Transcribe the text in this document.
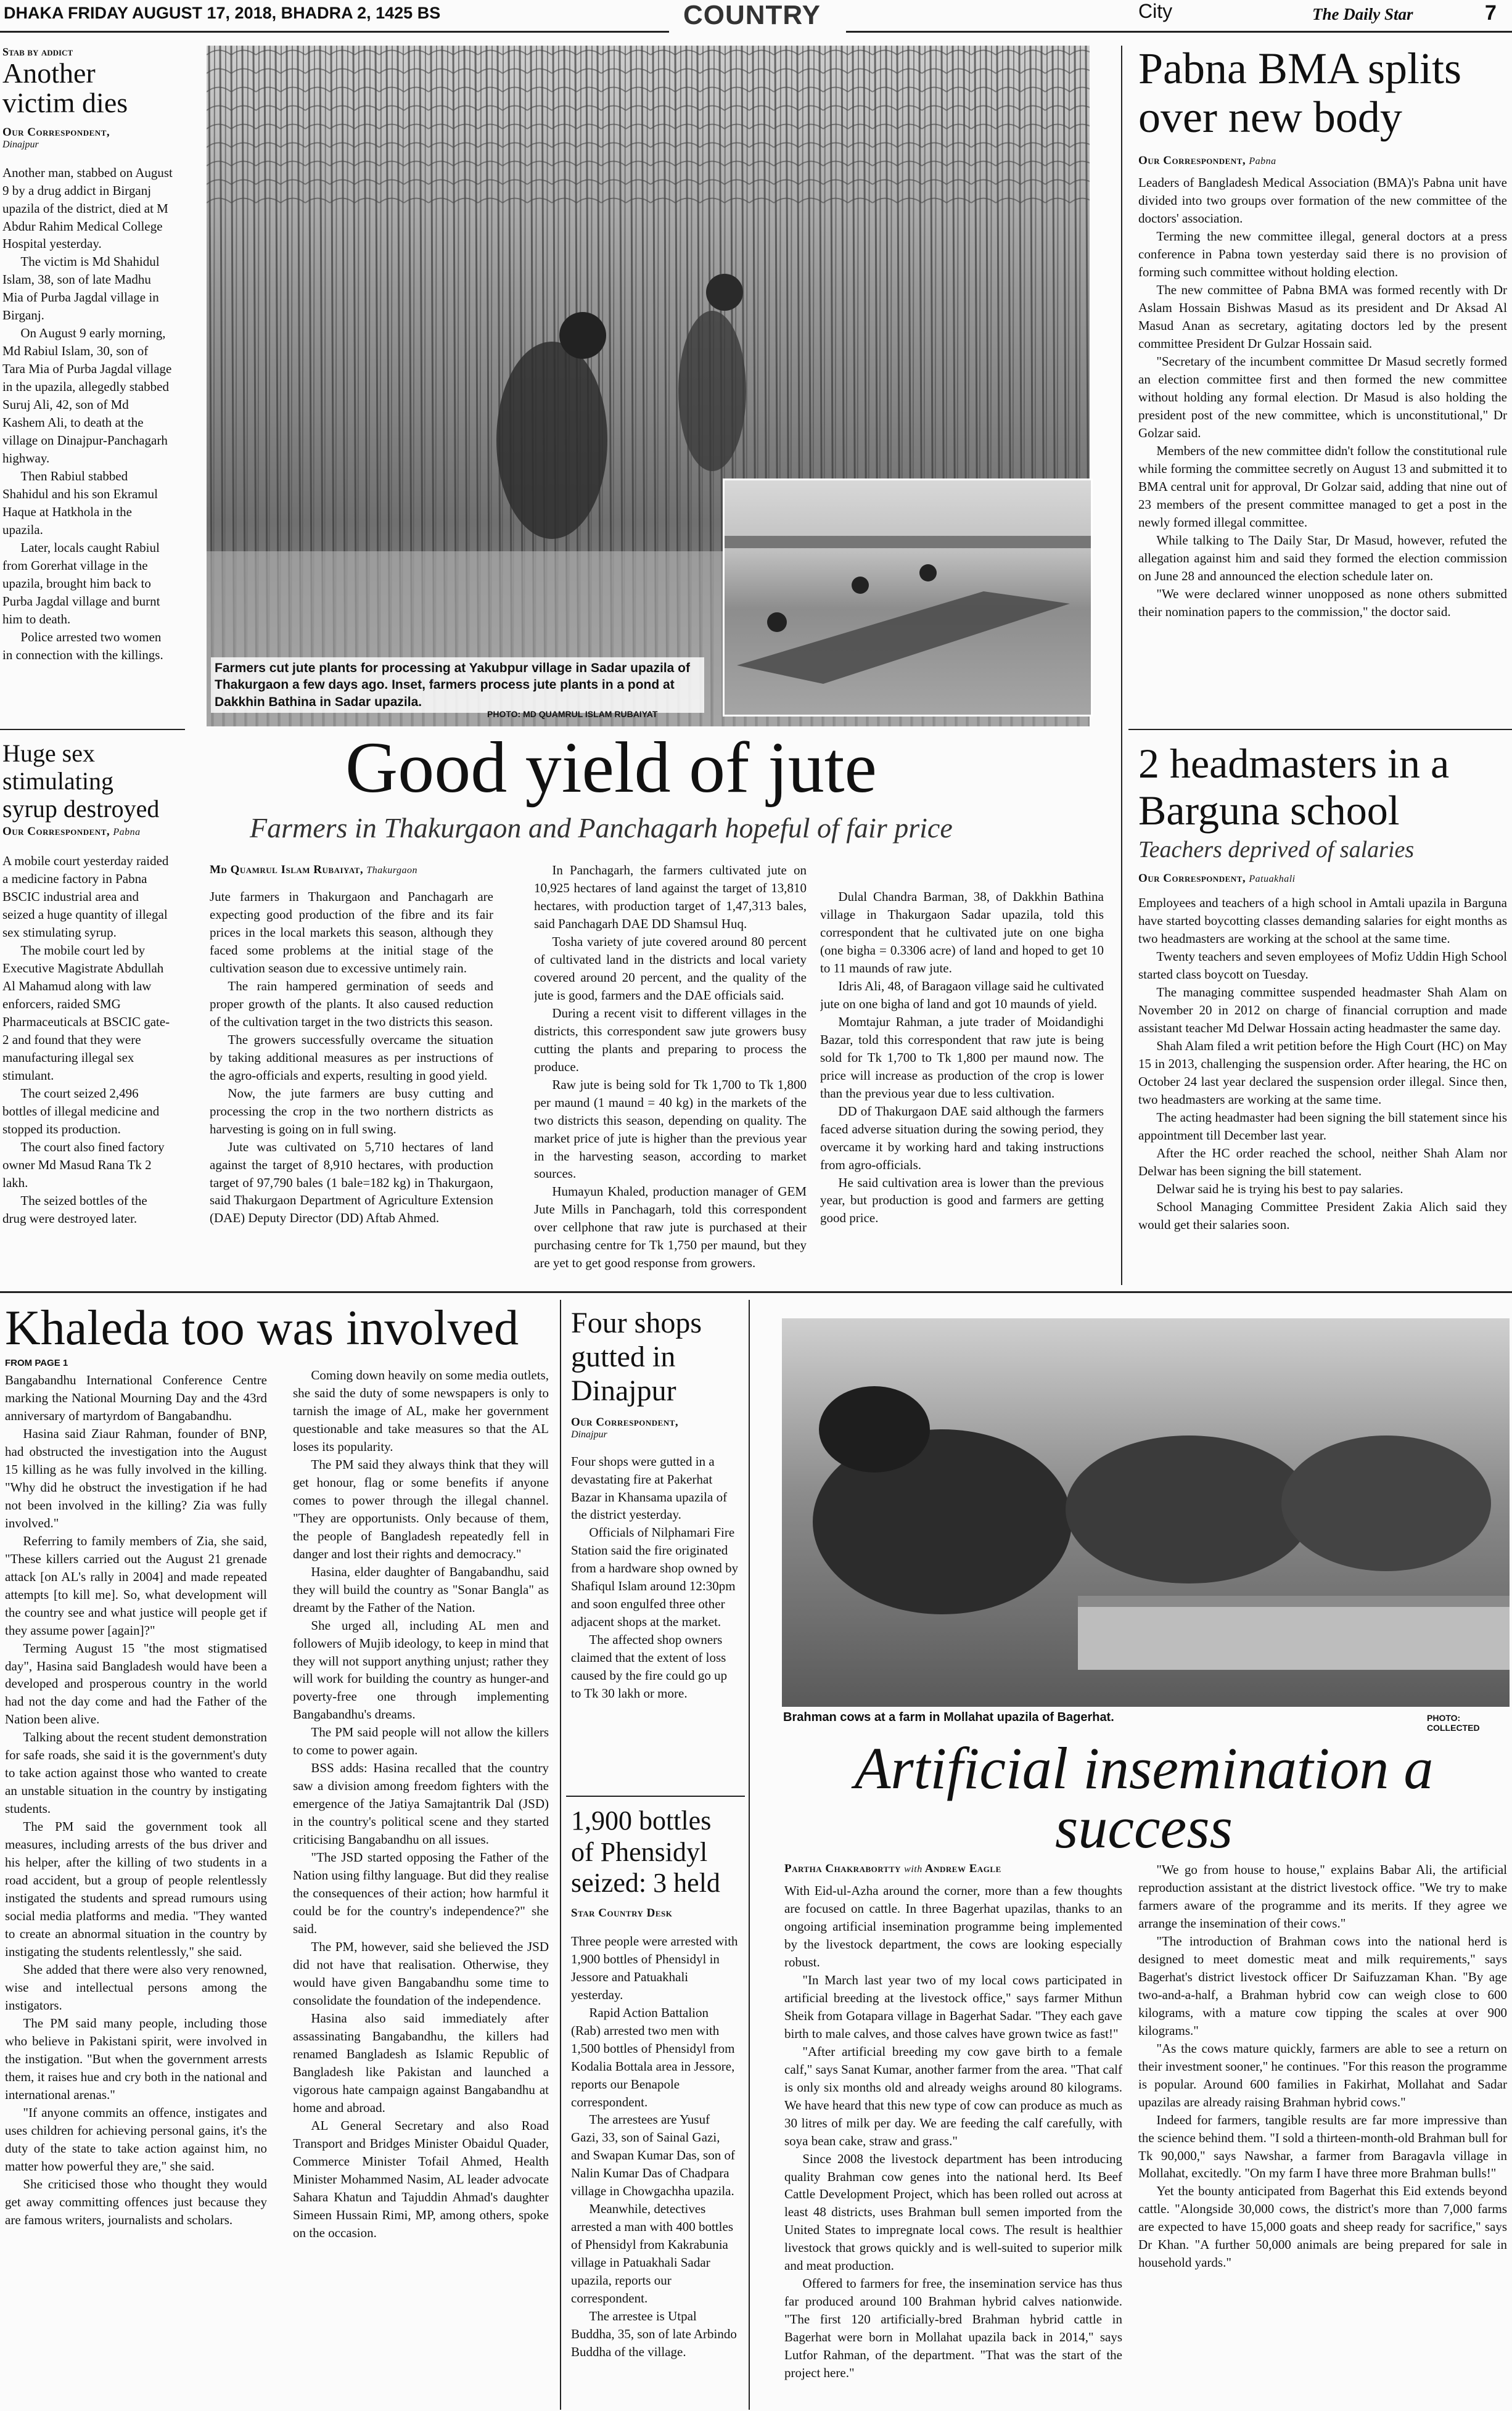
DHAKA FRIDAY AUGUST 17, 2018, BHADRA 2, 1425 BS	COUNTRY	City	The Daily Star	7
Stab by addict
Another victim dies
Our Correspondent,
Dinajpur

Another man, stabbed on August 9 by a drug addict in Birganj upazila of the district, died at M Abdur Rahim Medical College Hospital yesterday.

The victim is Md Shahidul Islam, 38, son of late Madhu Mia of Purba Jagdal village in Birganj.

On August 9 early morning, Md Rabiul Islam, 30, son of Tara Mia of Purba Jagdal village in the upazila, allegedly stabbed Suruj Ali, 42, son of Md Kashem Ali, to death at the village on Dinajpur-Panchagarh highway.

Then Rabiul stabbed Shahidul and his son Ekramul Haque at Hatkhola in the upazila.

Later, locals caught Rabiul from Gorerhat village in the upazila, brought him back to Purba Jagdal village and burnt him to death.

Police arrested two women in connection with the killings.

Huge sex stimulating syrup destroyed
Our Correspondent, Pabna

A mobile court yesterday raided a medicine factory in Pabna BSCIC industrial area and seized a huge quantity of illegal sex stimulating syrup.

The mobile court led by Executive Magistrate Abdullah Al Mahamud along with law enforcers, raided SMG Pharmaceuticals at BSCIC gate-2 and found that they were manufacturing illegal sex stimulant.

The court seized 2,496 bottles of illegal medicine and stopped its production.

The court also fined factory owner Md Masud Rana Tk 2 lakh.

The seized bottles of the drug were destroyed later.

Farmers cut jute plants for processing at Yakubpur village in Sadar upazila of Thakurgaon a few days ago. Inset, farmers process jute plants in a pond at Dakkhin Bathina in Sadar upazila.
PHOTO: MD QUAMRUL ISLAM RUBAIYAT
Good yield of jute
Farmers in Thakurgaon and Panchagarh hopeful of fair price
Md Quamrul Islam Rubaiyat, Thakurgaon

Jute farmers in Thakurgaon and Panchagarh are expecting good production of the fibre and its fair prices in the local markets this season, although they faced some problems at the initial stage of the cultivation season due to excessive untimely rain.

The rain hampered germination of seeds and proper growth of the plants. It also caused reduction of the cultivation target in the two districts this season.

The growers successfully overcame the situation by taking additional measures as per instructions of the agro-officials and experts, resulting in good yield.

Now, the jute farmers are busy cutting and processing the crop in the two northern districts as harvesting is going on in full swing.

Jute was cultivated on 5,710 hectares of land against the target of 8,910 hectares, with production target of 97,790 bales (1 bale=182 kg) in Thakurgaon, said Thakurgaon Department of Agriculture Extension (DAE) Deputy Director (DD) Aftab Ahmed.

In Panchagarh, the farmers cultivated jute on 10,925 hectares of land against the target of 13,810 hectares, with production target of 1,47,313 bales, said Panchagarh DAE DD Shamsul Huq.

Tosha variety of jute covered around 80 percent of cultivated land in the districts and local variety covered around 20 percent, and the quality of the jute is good, farmers and the DAE officials said.

During a recent visit to different villages in the districts, this correspondent saw jute growers busy cutting the plants and preparing to process the produce.

Raw jute is being sold for Tk 1,700 to Tk 1,800 per maund (1 maund = 40 kg) in the markets of the two districts this season, depending on quality. The market price of jute is higher than the previous year in the harvesting season, according to market sources.

Humayun Khaled, production manager of GEM Jute Mills in Panchagarh, told this correspondent over cellphone that raw jute is purchased at their purchasing centre for Tk 1,750 per maund, but they are yet to get good response from growers.

Dulal Chandra Barman, 38, of Dakkhin Bathina village in Thakurgaon Sadar upazila, told this correspondent that he cultivated jute on one bigha (one bigha = 0.3306 acre) of land and hoped to get 10 to 11 maunds of raw jute.

Idris Ali, 48, of Baragaon village said he cultivated jute on one bigha of land and got 10 maunds of yield.

Momtajur Rahman, a jute trader of Moidandighi Bazar, told this correspondent that raw jute is being sold for Tk 1,700 to Tk 1,800 per maund now. The price will increase as production of the crop is lower than the previous year due to less cultivation.

DD of Thakurgaon DAE said although the farmers faced adverse situation during the sowing period, they overcame it by working hard and taking instructions from agro-officials.

He said cultivation area is lower than the previous year, but production is good and farmers are getting good price.

Pabna BMA splits over new body
Our Correspondent, Pabna

Leaders of Bangladesh Medical Association (BMA)'s Pabna unit have divided into two groups over formation of the new committee of the doctors' association.

Terming the new committee illegal, general doctors at a press conference in Pabna town yesterday said there is no provision of forming such committee without holding election.

The new committee of Pabna BMA was formed recently with Dr Aslam Hossain Bishwas Masud as its president and Dr Aksad Al Masud Anan as secretary, agitating doctors led by the present committee President Dr Gulzar Hossain said.

"Secretary of the incumbent committee Dr Masud secretly formed an election committee first and then formed the new committee without holding any formal election. Dr Masud is also holding the president post of the new committee, which is unconstitutional," Dr Golzar said.

Members of the new committee didn't follow the constitutional rule while forming the committee secretly on August 13 and submitted it to BMA central unit for approval, Dr Golzar said, adding that nine out of 23 members of the present committee managed to get a post in the newly formed illegal committee.

While talking to The Daily Star, Dr Masud, however, refuted the allegation against him and said they formed the election commission on June 28 and announced the election schedule later on.

"We were declared winner unopposed as none others submitted their nomination papers to the commission," the doctor said.

2 headmasters in a Barguna school
Teachers deprived of salaries
Our Correspondent, Patuakhali

Employees and teachers of a high school in Amtali upazila in Barguna have started boycotting classes demanding salaries for eight months as two headmasters are working at the school at the same time.

Twenty teachers and seven employees of Mofiz Uddin High School started class boycott on Tuesday.

The managing committee suspended headmaster Shah Alam on November 20 in 2012 on charge of financial corruption and made assistant teacher Md Delwar Hossain acting headmaster the same day.

Shah Alam filed a writ petition before the High Court (HC) on May 15 in 2013, challenging the suspension order. After hearing, the HC on October 24 last year declared the suspension order illegal. Since then, two headmasters are working at the same time.

The acting headmaster had been signing the bill statement since his appointment till December last year.

After the HC order reached the school, neither Shah Alam nor Delwar has been signing the bill statement.

Delwar said he is trying his best to pay salaries.

School Managing Committee President Zakia Alich said they would get their salaries soon.

Khaleda too was involved
FROM PAGE 1

Bangabandhu International Conference Centre marking the National Mourning Day and the 43rd anniversary of martyrdom of Bangabandhu.

Hasina said Ziaur Rahman, founder of BNP, had obstructed the investigation into the August 15 killing as he was fully involved in the killing. "Why did he obstruct the investigation if he had not been involved in the killing? Zia was fully involved."

Referring to family members of Zia, she said, "These killers carried out the August 21 grenade attack [on AL's rally in 2004] and made repeated attempts [to kill me]. So, what development will the country see and what justice will people get if they assume power [again]?"

Terming August 15 "the most stigmatised day", Hasina said Bangladesh would have been a developed and prosperous country in the world had not the day come and had the Father of the Nation been alive.

Talking about the recent student demonstration for safe roads, she said it is the government's duty to take action against those who wanted to create an unstable situation in the country by instigating students.

The PM said the government took all measures, including arrests of the bus driver and his helper, after the killing of two students in a road accident, but a group of people relentlessly instigated the students and spread rumours using social media platforms and media. "They wanted to create an abnormal situation in the country by instigating the students relentlessly," she said.

She added that there were also very renowned, wise and intellectual persons among the instigators.

The PM said many people, including those who believe in Pakistani spirit, were involved in the instigation. "But when the government arrests them, it raises hue and cry both in the national and international arenas."

"If anyone commits an offence, instigates and uses children for achieving personal gains, it's the duty of the state to take action against him, no matter how powerful they are," she said.

She criticised those who thought they would get away committing offences just because they are famous writers, journalists and scholars.

Coming down heavily on some media outlets, she said the duty of some newspapers is only to tarnish the image of AL, make her government questionable and take measures so that the AL loses its popularity.

The PM said they always think that they will get honour, flag or some benefits if anyone comes to power through the illegal channel. "They are opportunists. Only because of them, the people of Bangladesh repeatedly fell in danger and lost their rights and democracy."

Hasina, elder daughter of Bangabandhu, said they will build the country as "Sonar Bangla" as dreamt by the Father of the Nation.

She urged all, including AL men and followers of Mujib ideology, to keep in mind that they will not support anything unjust; rather they will work for building the country as hunger-and poverty-free one through implementing Bangabandhu's dreams.

The PM said people will not allow the killers to come to power again.

BSS adds: Hasina recalled that the country saw a division among freedom fighters with the emergence of the Jatiya Samajtantrik Dal (JSD) in the country's political scene and they started criticising Bangabandhu on all issues.

"The JSD started opposing the Father of the Nation using filthy language. But did they realise the consequences of their action; how harmful it could be for the country's independence?" she said.

The PM, however, said she believed the JSD did not have that realisation. Otherwise, they would have given Bangabandhu some time to consolidate the foundation of the independence.

Hasina also said immediately after assassinating Bangabandhu, the killers had renamed Bangladesh as Islamic Republic of Bangladesh like Pakistan and launched a vigorous hate campaign against Bangabandhu at home and abroad.

AL General Secretary and also Road Transport and Bridges Minister Obaidul Quader, Commerce Minister Tofail Ahmed, Health Minister Mohammed Nasim, AL leader advocate Sahara Khatun and Tajuddin Ahmad's daughter Simeen Hussain Rimi, MP, among others, spoke on the occasion.

Four shops gutted in Dinajpur
Our Correspondent,
Dinajpur

Four shops were gutted in a devastating fire at Pakerhat Bazar in Khansama upazila of the district yesterday.

Officials of Nilphamari Fire Station said the fire originated from a hardware shop owned by Shafiqul Islam around 12:30pm and soon engulfed three other adjacent shops at the market.

The affected shop owners claimed that the extent of loss caused by the fire could go up to Tk 30 lakh or more.

1,900 bottles of Phensidyl seized: 3 held
Star Country Desk

Three people were arrested with 1,900 bottles of Phensidyl in Jessore and Patuakhali yesterday.

Rapid Action Battalion (Rab) arrested two men with 1,500 bottles of Phensidyl from Kodalia Bottala area in Jessore, reports our Benapole correspondent.

The arrestees are Yusuf Gazi, 33, son of Sainal Gazi, and Swapan Kumar Das, son of Nalin Kumar Das of Chadpara village in Chowgachha upazila.

Meanwhile, detectives arrested a man with 400 bottles of Phensidyl from Kakrabunia village in Patuakhali Sadar upazila, reports our correspondent.

The arrestee is Utpal Buddha, 35, son of late Arbindo Buddha of the village.

Brahman cows at a farm in Mollahat upazila of Bagerhat.	PHOTO: COLLECTED
Artificial insemination a success
Partha Chakrabortty with Andrew Eagle

With Eid-ul-Azha around the corner, more than a few thoughts are focused on cattle. In three Bagerhat upazilas, thanks to an ongoing artificial insemination programme being implemented by the livestock department, the cows are looking especially robust.

"In March last year two of my local cows participated in artificial breeding at the livestock office," says farmer Mithun Sheik from Gotapara village in Bagerhat Sadar. "They each gave birth to male calves, and those calves have grown twice as fast!"

"After artificial breeding my cow gave birth to a female calf," says Sanat Kumar, another farmer from the area. "That calf is only six months old and already weighs around 80 kilograms. We have heard that this new type of cow can produce as much as 30 litres of milk per day. We are feeding the calf carefully, with soya bean cake, straw and grass."

Since 2008 the livestock department has been introducing quality Brahman cow genes into the national herd. Its Beef Cattle Development Project, which has been rolled out across at least 48 districts, uses Brahman bull semen imported from the United States to impregnate local cows. The result is healthier livestock that grows quickly and is well-suited to superior milk and meat production.

Offered to farmers for free, the insemination service has thus far produced around 100 Brahman hybrid calves nationwide. "The first 120 artificially-bred Brahman hybrid cattle in Bagerhat were born in Mollahat upazila back in 2014," says Lutfor Rahman, of the department. "That was the start of the project here."

"We go from house to house," explains Babar Ali, the artificial reproduction assistant at the district livestock office. "We try to make farmers aware of the programme and its merits. If they agree we arrange the insemination of their cows."

"The introduction of Brahman cows into the national herd is designed to meet domestic meat and milk requirements," says Bagerhat's district livestock officer Dr Saifuzzaman Khan. "By age two-and-a-half, a Brahman hybrid cow can weigh close to 600 kilograms, with a mature cow tipping the scales at over 900 kilograms."

"As the cows mature quickly, farmers are able to see a return on their investment sooner," he continues. "For this reason the programme is popular. Around 600 families in Fakirhat, Mollahat and Sadar upazilas are already raising Brahman hybrid cows."

Indeed for farmers, tangible results are far more impressive than the science behind them. "I sold a thirteen-month-old Brahman bull for Tk 90,000," says Nawshar, a farmer from Baragavla village in Mollahat, excitedly. "On my farm I have three more Brahman bulls!"

Yet the bounty anticipated from Bagerhat this Eid extends beyond cattle. "Alongside 30,000 cows, the district's more than 7,000 farms are expected to have 15,000 goats and sheep ready for sacrifice," says Dr Khan. "A further 50,000 animals are being prepared for sale in household yards."
